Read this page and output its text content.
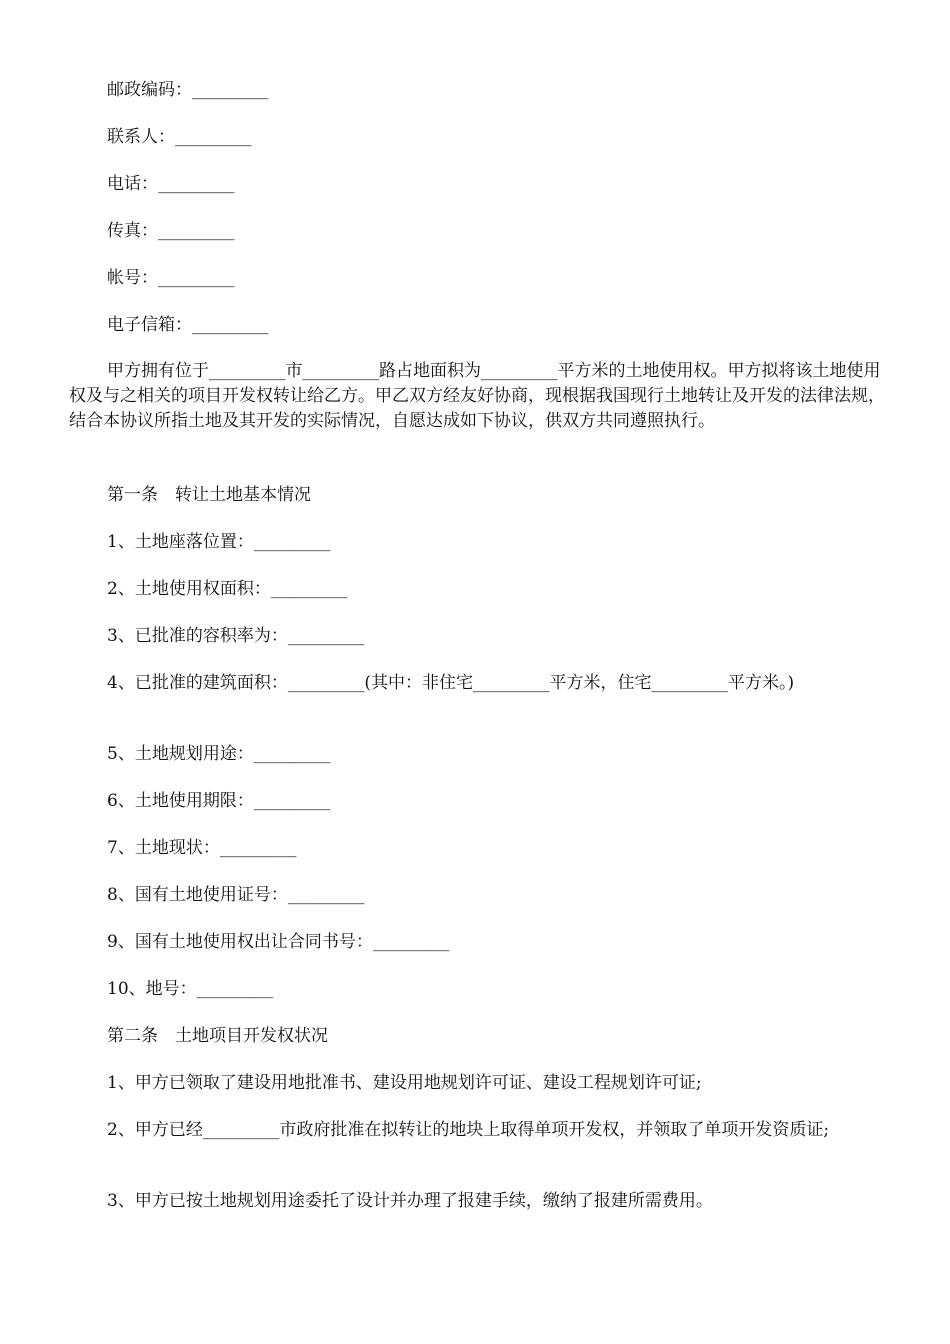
邮政编码：_________
联系人：_________
电话：_________
传真：_________
帐号：_________
电子信箱：_________
甲方拥有位于_________市_________路占地面积为_________平方米的土地使用权。甲方拟将该土地使用权及与之相关的项目开发权转让给乙方。甲乙双方经友好协商，现根据我国现行土地转让及开发的法律法规，结合本协议所指土地及其开发的实际情况，自愿达成如下协议，供双方共同遵照执行。
第一条　转让土地基本情况
1、土地座落位置：_________
2、土地使用权面积：_________
3、已批准的容积率为：_________
4、已批准的建筑面积：_________(其中：非住宅_________平方米，住宅_________平方米。)
5、土地规划用途：_________
6、土地使用期限：_________
7、土地现状：_________
8、国有土地使用证号：_________
9、国有土地使用权出让合同书号：_________
10、地号：_________
第二条　土地项目开发权状况
1、甲方已领取了建设用地批准书、建设用地规划许可证、建设工程规划许可证;
2、甲方已经_________市政府批准在拟转让的地块上取得单项开发权，并领取了单项开发资质证;
3、甲方已按土地规划用途委托了设计并办理了报建手续，缴纳了报建所需费用。
